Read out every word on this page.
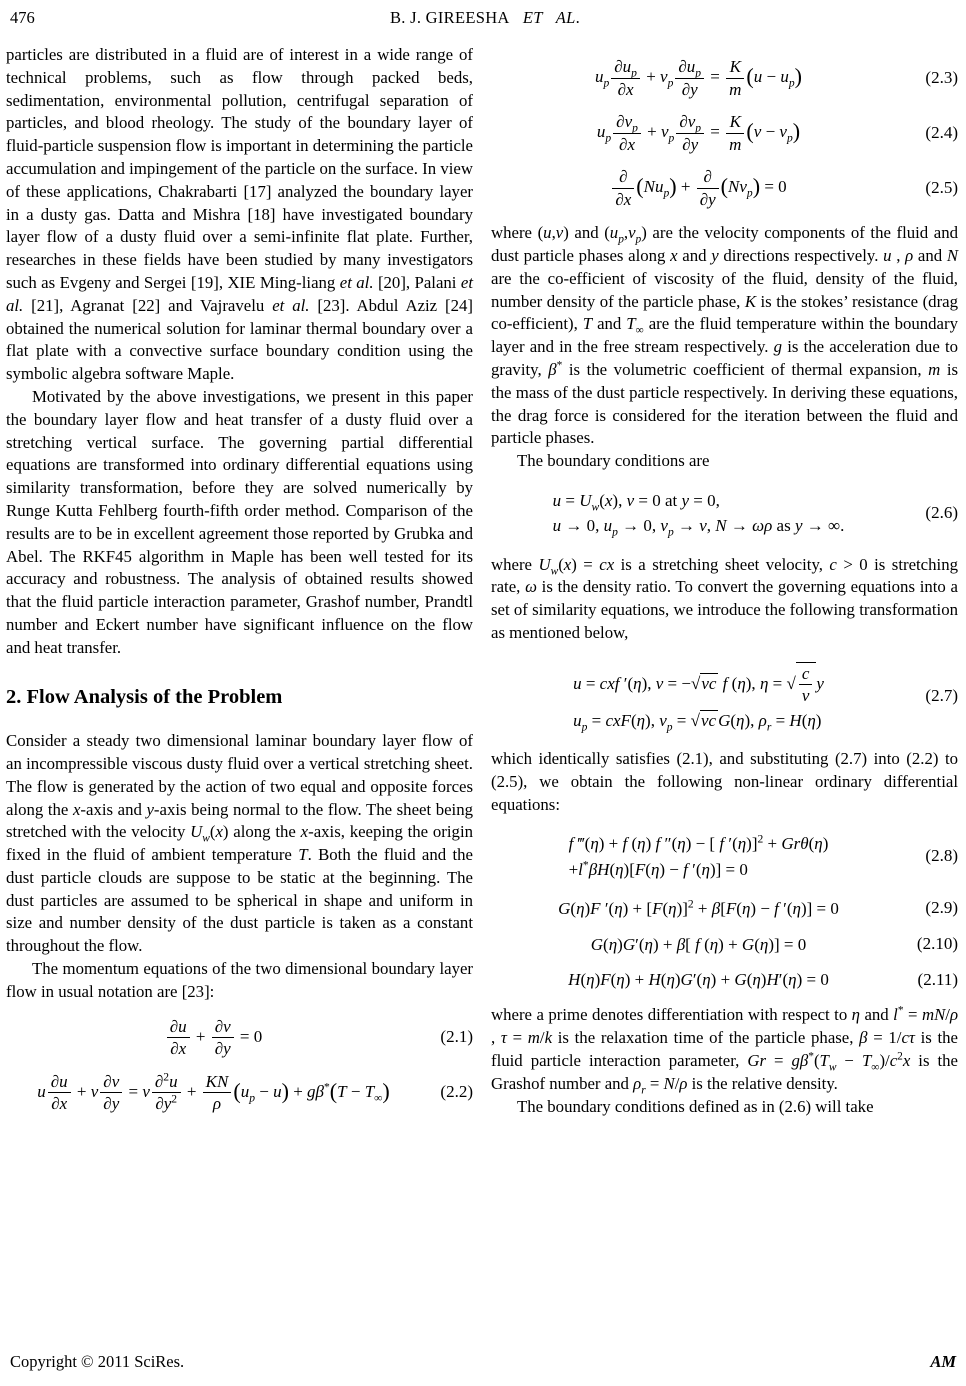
476	B. J. GIREESHA   ET   AL.

particles are distributed in a fluid are of interest in a wide range of technical problems, such as flow through packed beds, sedimentation, environmental pollution, centrifugal separation of particles, and blood rheology. The study of the boundary layer of fluid-particle suspension flow is important in determining the particle accumulation and impingement of the particle on the surface. In view of these applications, Chakrabarti [17] analyzed the boundary layer in a dusty gas. Datta and Mishra [18] have investigated boundary layer flow of a dusty fluid over a semi-infinite flat plate. Further, researches in these fields have been studied by many investigators such as Evgeny and Sergei [19], XIE Ming-liang et al. [20], Palani et al. [21], Agranat [22] and Vajravelu et al. [23]. Abdul Aziz [24] obtained the numerical solution for laminar thermal boundary over a flat plate with a convective surface boundary condition using the symbolic algebra software Maple.

Motivated by the above investigations, we present in this paper the boundary layer flow and heat transfer of a dusty fluid over a stretching vertical surface. The governing partial differential equations are transformed into ordinary differential equations using similarity transformation, before they are solved numerically by Runge Kutta Fehlberg fourth-fifth order method. Comparison of the results are to be in excellent agreement those reported by Grubka and Abel. The RKF45 algorithm in Maple has been well tested for its accuracy and robustness. The analysis of obtained results showed that the fluid particle interaction parameter, Grashof number, Prandtl number and Eckert number have significant influence on the flow and heat transfer.

2. Flow Analysis of the Problem

Consider a steady two dimensional laminar boundary layer flow of an incompressible viscous dusty fluid over a vertical stretching sheet. The flow is generated by the action of two equal and opposite forces along the x-axis and y-axis being normal to the flow. The sheet being stretched with the velocity $U_w(x)$ along the x-axis, keeping the origin fixed in the fluid of ambient temperature T. Both the fluid and the dust particle clouds are suppose to be static at the beginning. The dust particles are assumed to be spherical in shape and uniform in size and number density of the dust particle is taken as a constant throughout the flow.

The momentum equations of the two dimensional boundary layer flow in usual notation are [23]:

$\frac{\partial u}{\partial x} + \frac{\partial v}{\partial y} = 0$	(2.1)
u $\frac{\partial u}{\partial x} + v \frac{\partial v}{\partial y} = v \frac{\partial^2u}{\partial y^2} + \frac{KN}{\rho} (u_p - u) + g\beta^*(T - T_\infty)$	(2.2)
$u_p \frac{\partial u_p}{\partial x} + v_p \frac{\partial u_p}{\partial y} = \frac{K}{m} (u - u_p)$	(2.3)
$u_p \frac{\partial v_p}{\partial x} + v_p \frac{\partial v_p}{\partial y} = \frac{K}{m} (v - v_p)$	(2.4)
∂
∂x
$(Nu_p)$ +
∂
∂y
$(Nv_p) = 0$	(2.5)

where (u,v) and $(u_p,v_p)$ are the velocity components of the fluid and dust particle phases along x and y directions respectively. u , ρ and N are the co-efficient of viscosity of the fluid, density of the fluid, number density of the particle phase, K is the stokes’ resistance (drag co-efficient), T and $T_\infty$ are the fluid temperature within the boundary layer and in the free stream respectively. g is the acceleration due to gravity, β* is the volumetric coefficient of thermal expansion, m is the mass of the dust particle respectively. In deriving these equations, the drag force is considered for the iteration between the fluid and particle phases.

The boundary conditions are

$u = U_w(x)$, v = 0 at y = 0,
u → 0, $u_p \to 0$, $v_p \to v$, N → ωρ as y → ∞.
(2.6)

where $U_w(x)$ = cx is a stretching sheet velocity, c > 0 is stretching rate, ω is the density ratio. To convert the governing equations into a set of similarity equations, we introduce the following transformation as mentioned below,

u = cxf ′(η), v = −√vc f (η), η = √ $\frac{c}{v}$ y
$u_p = cxF(\eta)$, $v_p = √vc$ G(η), $\rho_r = H(\eta)$
(2.7)

which identically satisfies (2.1), and substituting (2.7) into (2.2) to (2.5), we obtain the following non-linear ordinary differential equations:

f ‴(η) + f (η) f ″(η) − [ f ′(η)]$^2$ + Grθ(η)
+l*βH(η)[F(η) − f ′(η)] = 0
(2.8)
G(η)F $'(\eta) + [F(\eta)]^2 + \beta[F(\eta) - f$ ′(η)] = 0	(2.9)
G(η)G′(η) + β[ f (η) + G(η)] = 0	(2.10)
H(η)F(η) + H(η)G′(η) + G(η)H′(η) = 0	(2.11)

where a prime denotes differentiation with respect to η and l* = mN/ρ , τ = m/k is the relaxation time of the particle phase, β = 1/cτ is the fluid particle interaction parameter, $Gr = g\beta^*(T_w - T_\infty)/c^2x$ is the Grashof number and $\rho_r = N/\rho$ is the relative density.

The boundary conditions defined as in (2.6) will take

Copyright © 2011 SciRes.	AM
